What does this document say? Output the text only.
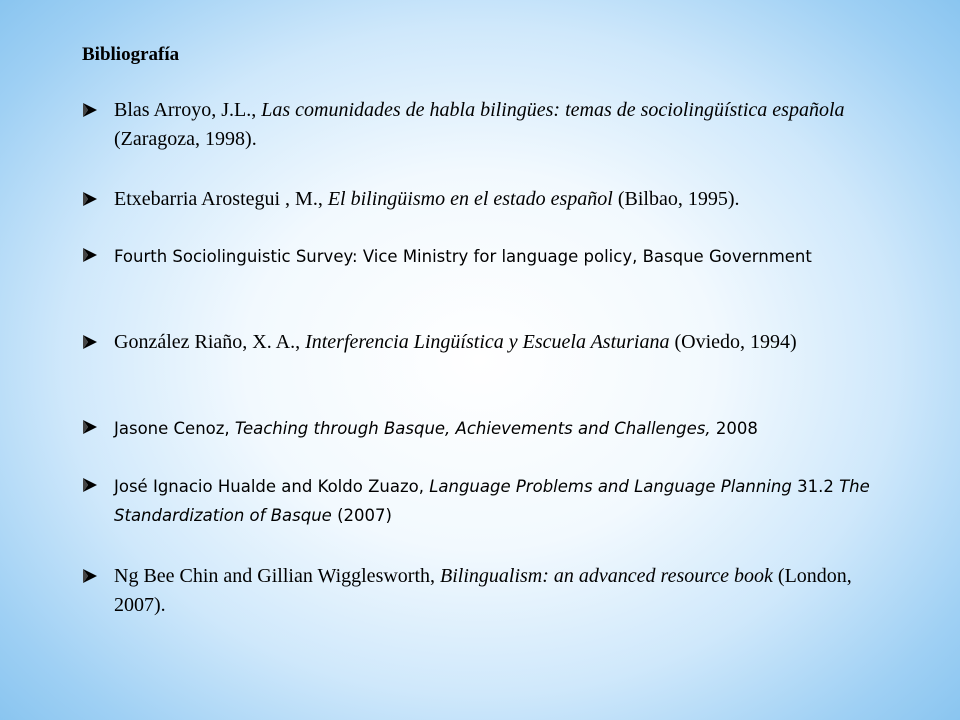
Bibliografía
Blas Arroyo, J.L., Las comunidades de habla bilingües: temas de sociolingüística española (Zaragoza, 1998).
Etxebarria Arostegui , M., El bilingüismo en el estado español (Bilbao, 1995).
Fourth Sociolinguistic Survey: Vice Ministry for language policy, Basque Government
González Riaño, X. A., Interferencia Lingüística y Escuela Asturiana (Oviedo, 1994)
Jasone Cenoz, Teaching through Basque, Achievements and Challenges, 2008
José Ignacio Hualde and Koldo Zuazo, Language Problems and Language Planning 31.2 The Standardization of Basque (2007)
Ng Bee Chin and Gillian Wigglesworth, Bilingualism: an advanced resource book (London, 2007).
